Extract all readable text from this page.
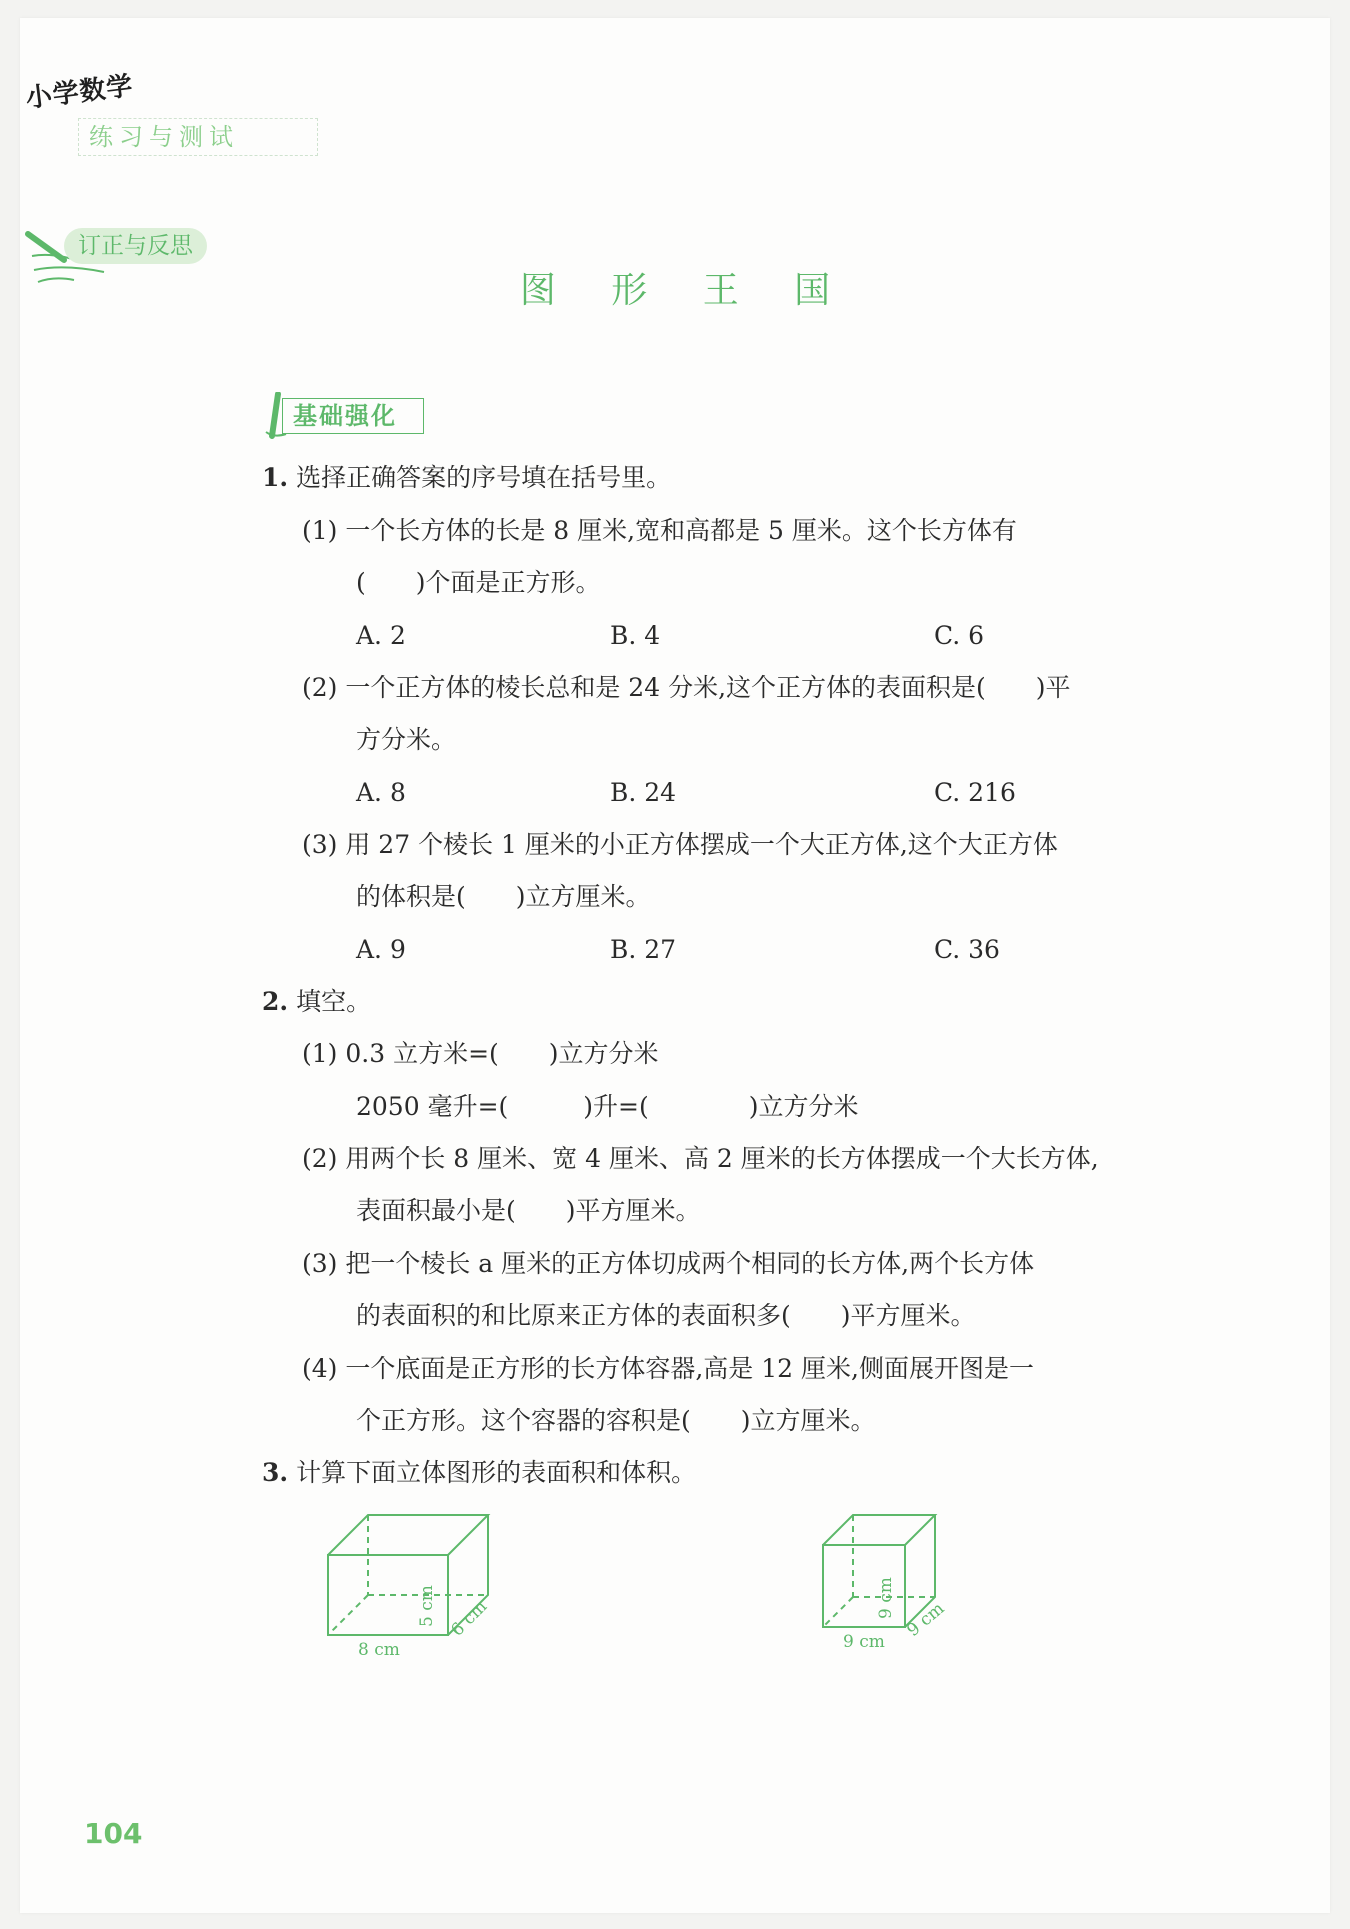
小学数学
练习与测试
订正与反思
图 形 王 国
基础强化
1. 选择正确答案的序号填在括号里。
(1) 一个长方体的长是 8 厘米,宽和高都是 5 厘米。这个长方体有
(　　)个面是正方形。
A. 2	B. 4	C. 6
(2) 一个正方体的棱长总和是 24 分米,这个正方体的表面积是(　　)平
方分米。
A. 8	B. 24	C. 216
(3) 用 27 个棱长 1 厘米的小正方体摆成一个大正方体,这个大正方体
的体积是(　　)立方厘米。
A. 9	B. 27	C. 36
2. 填空。
(1) 0.3 立方米=(　　)立方分米
2050 毫升=(　　　)升=(　　　　)立方分米
(2) 用两个长 8 厘米、宽 4 厘米、高 2 厘米的长方体摆成一个大长方体,
表面积最小是(　　)平方厘米。
(3) 把一个棱长 a 厘米的正方体切成两个相同的长方体,两个长方体
的表面积的和比原来正方体的表面积多(　　)平方厘米。
(4) 一个底面是正方形的长方体容器,高是 12 厘米,侧面展开图是一
个正方形。这个容器的容积是(　　)立方厘米。
3. 计算下面立体图形的表面积和体积。
8 cm
5 cm 6 cm
9 cm
9 cm
9 cm
104
